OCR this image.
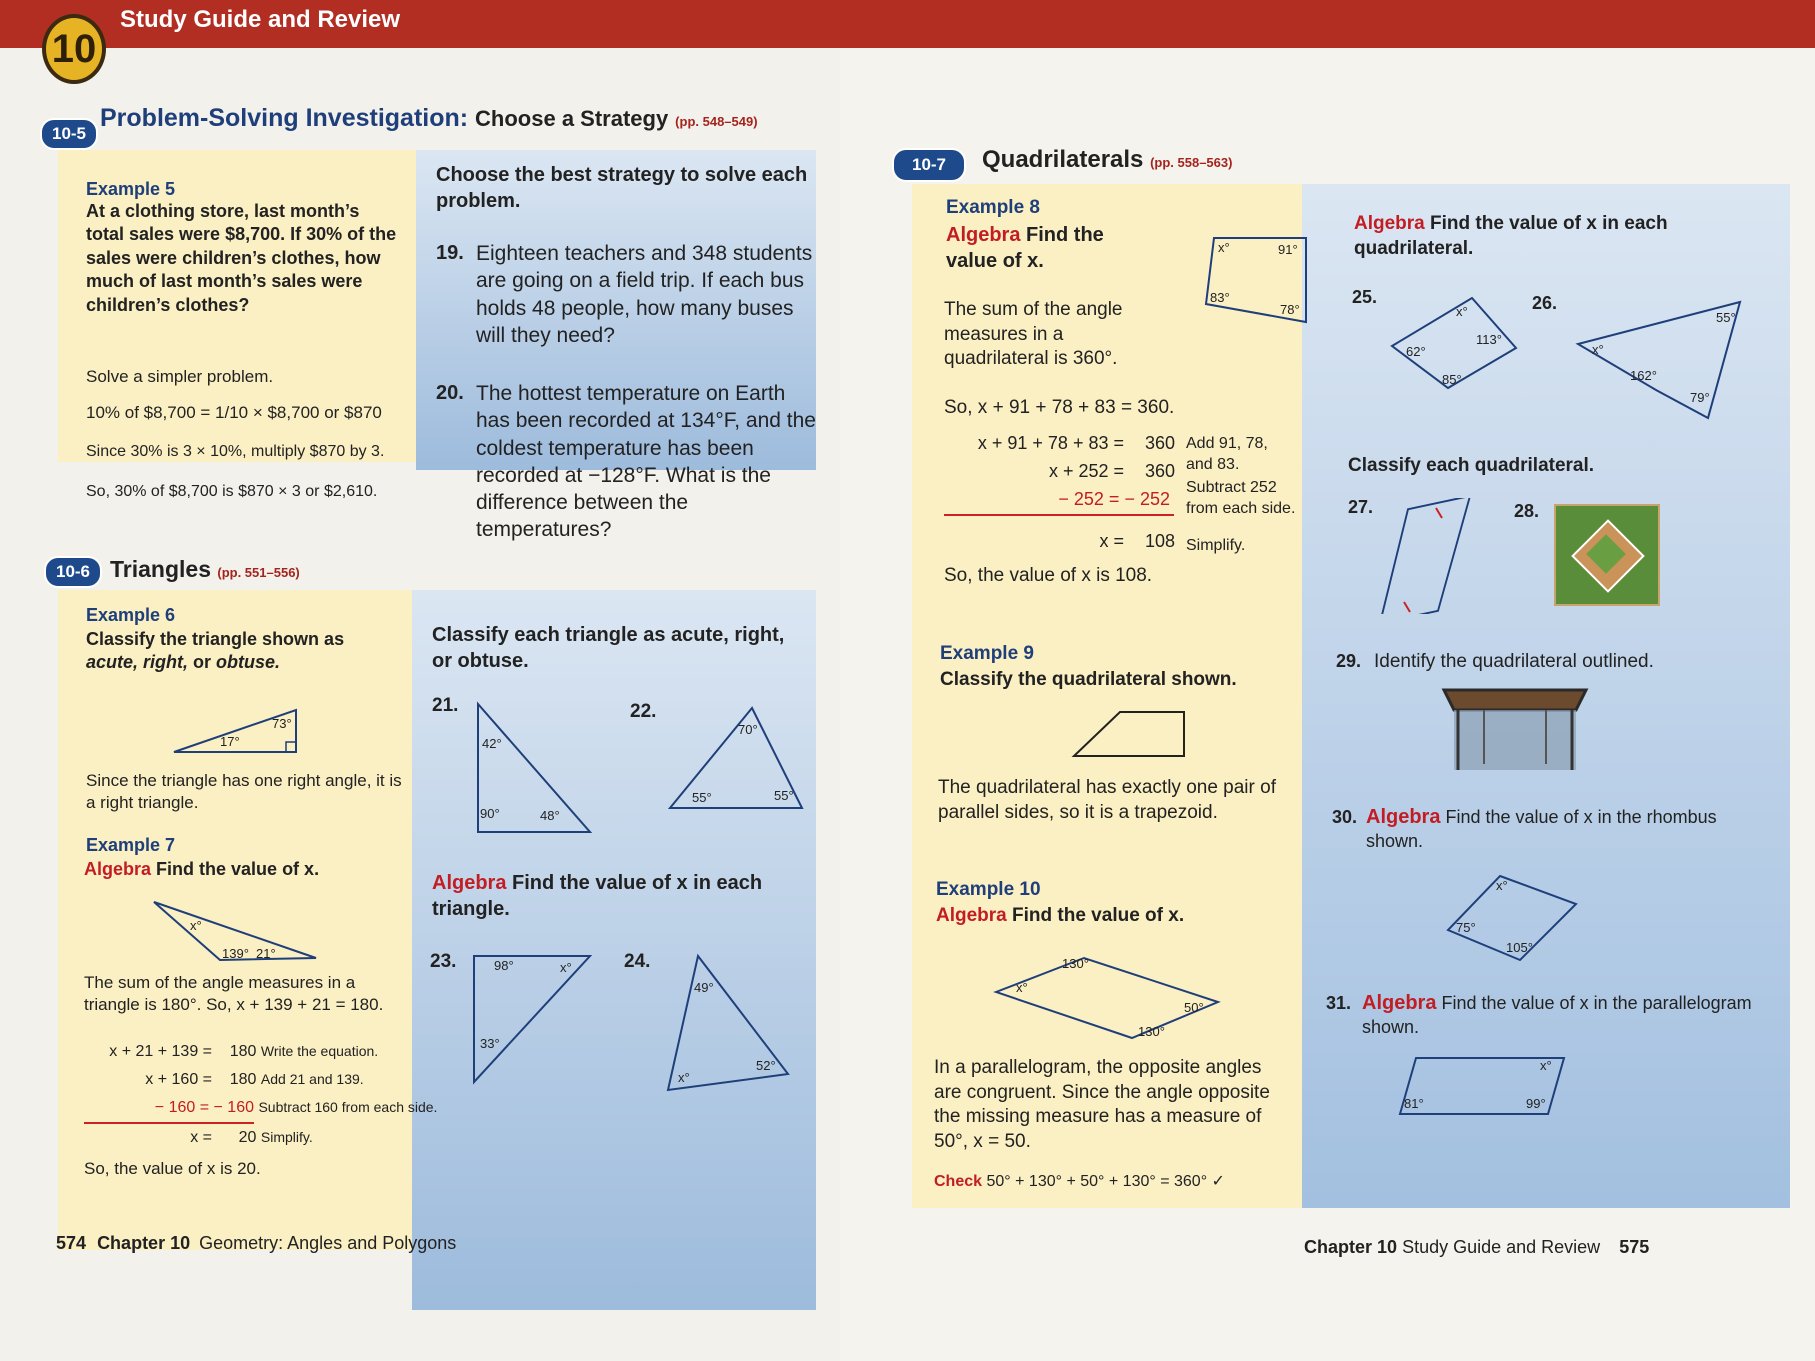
10
Study Guide and Review
10-5
Problem-Solving Investigation: Choose a Strategy (pp. 548–549)
Example 5
At a clothing store, last month’s total sales were $8,700. If 30% of the sales were children’s clothes, how much of last month’s sales were children’s clothes?
Solve a simpler problem.
10% of $8,700 = 1/10 × $8,700 or $870
Since 30% is 3 × 10%, multiply $870 by 3.
So, 30% of $8,700 is $870 × 3 or $2,610.
Choose the best strategy to solve each problem.
19. Eighteen teachers and 348 students are going on a field trip. If each bus holds 48 people, how many buses will they need?
20. The hottest temperature on Earth has been recorded at 134°F, and the coldest temperature has been recorded at −128°F. What is the difference between the temperatures?
10-6 Triangles (pp. 551–556)
Example 6
Classify the triangle shown as acute, right, or obtuse.
73°
17°
Since the triangle has one right angle, it is a right triangle.
Example 7
Algebra Find the value of x.
x°
139° 21°
The sum of the angle measures in a triangle is 180°. So, x + 139 + 21 = 180.
x + 21 + 139 = 180 Write the equation.
x + 160 = 180 Add 21 and 139.
− 160 = − 160 Subtract 160 from each side.
x = 20 Simplify.
So, the value of x is 20.
Classify each triangle as acute, right, or obtuse.
21.
42°
90°	48°
22.
70°
55°	55°
Algebra Find the value of x in each triangle.
23.	98°	x°
33°
24.
49°
x°
52°
574 Chapter 10 Geometry: Angles and Polygons
10-7	Quadrilaterals (pp. 558–563)
Example 8
Algebra Find the value of x.
x°	91°
83°
78°
The sum of the angle measures in a quadrilateral is 360°.
So, x + 91 + 78 + 83 = 360.
x + 91 + 78 + 83 = 360 Add 91, 78, and 83.
x + 252 = 360
Subtract 252 from each side.
− 252 = − 252
x = 108 Simplify.
So, the value of x is 108.
Example 9
Classify the quadrilateral shown.
The quadrilateral has exactly one pair of parallel sides, so it is a trapezoid.
Example 10
Algebra Find the value of x.
130°
x°
50°
130°
In a parallelogram, the opposite angles are congruent. Since the angle opposite the missing measure has a measure of 50°, x = 50.
Check 50° + 130° + 50° + 130° = 360° ✓
Algebra Find the value of x in each quadrilateral.
25.
x°
113°
62°
85°
26.
55°
x°
162°
79°
Classify each quadrilateral.
27.	28.
29. Identify the quadrilateral outlined.
30. Algebra Find the value of x in the rhombus shown.
x°
75°
105°
31. Algebra Find the value of x in the parallelogram shown.
x°
81°	99°
Chapter 10 Study Guide and Review 575
